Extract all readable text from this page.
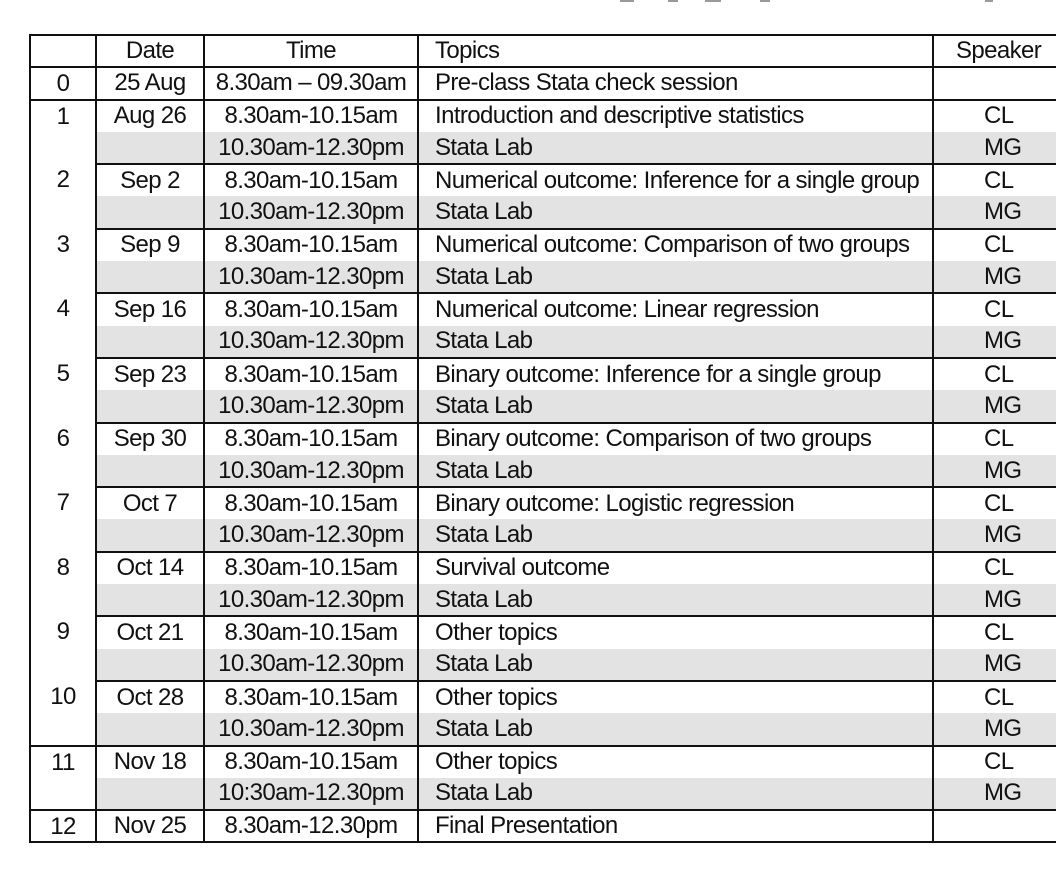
	Date	Time	Topics	Speaker
0	25 Aug	8.30am – 09.30am	Pre-class Stata check session	
1	Aug 26	8.30am-10.15am	Introduction and descriptive statistics	CL
		10.30am-12.30pm	Stata Lab	MG
2	Sep 2	8.30am-10.15am	Numerical outcome: Inference for a single group	CL
		10.30am-12.30pm	Stata Lab	MG
3	Sep 9	8.30am-10.15am	Numerical outcome: Comparison of two groups	CL
		10.30am-12.30pm	Stata Lab	MG
4	Sep 16	8.30am-10.15am	Numerical outcome: Linear regression	CL
		10.30am-12.30pm	Stata Lab	MG
5	Sep 23	8.30am-10.15am	Binary outcome: Inference for a single group	CL
		10.30am-12.30pm	Stata Lab	MG
6	Sep 30	8.30am-10.15am	Binary outcome: Comparison of two groups	CL
		10.30am-12.30pm	Stata Lab	MG
7	Oct 7	8.30am-10.15am	Binary outcome: Logistic regression	CL
		10.30am-12.30pm	Stata Lab	MG
8	Oct 14	8.30am-10.15am	Survival outcome	CL
		10.30am-12.30pm	Stata Lab	MG
9	Oct 21	8.30am-10.15am	Other topics	CL
		10.30am-12.30pm	Stata Lab	MG
10	Oct 28	8.30am-10.15am	Other topics	CL
		10.30am-12.30pm	Stata Lab	MG
11	Nov 18	8.30am-10.15am	Other topics	CL
		10:30am-12.30pm	Stata Lab	MG
12	Nov 25	8.30am-12.30pm	Final Presentation	
